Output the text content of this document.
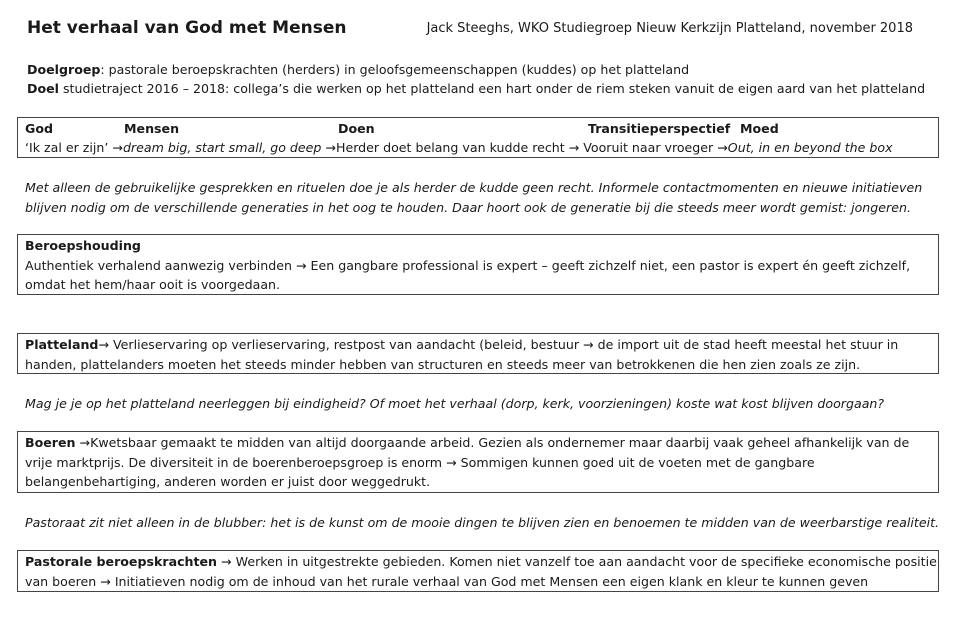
Het verhaal van God met Mensen	Jack Steeghs, WKO Studiegroep Nieuw Kerkzijn Platteland, november 2018
Doelgroep: pastorale beroepskrachten (herders) in geloofsgemeenschappen (kuddes) op het platteland
Doel studietraject 2016 – 2018: collega’s die werken op het platteland een hart onder de riem steken vanuit de eigen aard van het platteland
God	Mensen	Doen	Transitieperspectief Moed
‘Ik zal er zijn’ →dream big, start small, go deep →Herder doet belang van kudde recht → Vooruit naar vroeger →Out, in en beyond the box
Met alleen de gebruikelijke gesprekken en rituelen doe je als herder de kudde geen recht. Informele contactmomenten en nieuwe initiatieven
blijven nodig om de verschillende generaties in het oog te houden. Daar hoort ook de generatie bij die steeds meer wordt gemist: jongeren.
Beroepshouding
Authentiek verhalend aanwezig verbinden → Een gangbare professional is expert – geeft zichzelf niet, een pastor is expert én geeft zichzelf,
omdat het hem/haar ooit is voorgedaan.
Platteland→ Verlieservaring op verlieservaring, restpost van aandacht (beleid, bestuur → de import uit de stad heeft meestal het stuur in
handen, plattelanders moeten het steeds minder hebben van structuren en steeds meer van betrokkenen die hen zien zoals ze zijn.
Mag je je op het platteland neerleggen bij eindigheid? Of moet het verhaal (dorp, kerk, voorzieningen) koste wat kost blijven doorgaan?
Boeren →Kwetsbaar gemaakt te midden van altijd doorgaande arbeid. Gezien als ondernemer maar daarbij vaak geheel afhankelijk van de
vrije marktprijs. De diversiteit in de boerenberoepsgroep is enorm → Sommigen kunnen goed uit de voeten met de gangbare
belangenbehartiging, anderen worden er juist door weggedrukt.
Pastoraat zit niet alleen in de blubber: het is de kunst om de mooie dingen te blijven zien en benoemen te midden van de weerbarstige realiteit.
Pastorale beroepskrachten → Werken in uitgestrekte gebieden. Komen niet vanzelf toe aan aandacht voor de specifieke economische positie
van boeren → Initiatieven nodig om de inhoud van het rurale verhaal van God met Mensen een eigen klank en kleur te kunnen geven
